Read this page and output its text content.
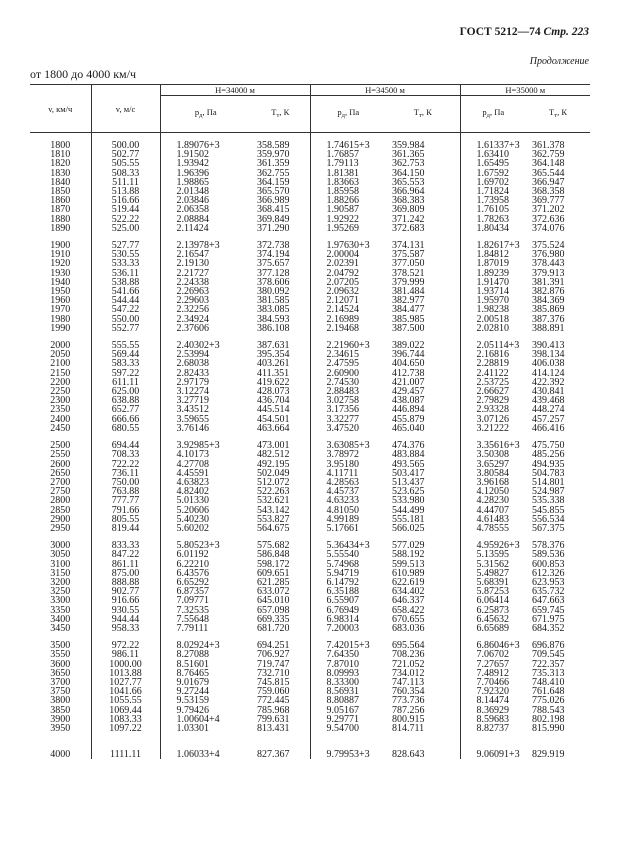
ГОСТ 5212—74 Стр. 223
Продолжение
от 1800 до 4000 км/ч
v, км/ч	v, м/с	H=34000 м		H=34500 м		H=35000 м	
		$p_д$, Па	$T_т$, К	$p_д$, Па	$T_т$, К	$p_д$, Па	$T_т$, К
1800	500.00	1.89076+3	358.589	1.74615+3	359.984	1.61337+3	361.378
1810	502.77	1.91502	359.970	1.76857	361.365	1.63410	362.759
1820	505.55	1.93942	361.359	1.79113	362.753	1.65495	364.148
1830	508.33	1.96396	362.755	1.81381	364.150	1.67592	365.544
1840	511.11	1.98865	364.159	1.83663	365.553	1.69702	366.947
1850	513.88	2.01348	365.570	1.85958	366.964	1.71824	368.358
1860	516.66	2.03846	366.989	1.88266	368.383	1.73958	369.777
1870	519.44	2.06358	368.415	1.90587	369.809	1.76105	371.202
1880	522.22	2.08884	369.849	1.92922	371.242	1.78263	372.636
1890	525.00	2.11424	371.290	1.95269	372.683	1.80434	374.076
1900	527.77	2.13978+3	372.738	1.97630+3	374.131	1.82617+3	375.524
1910	530.55	2.16547	374.194	2.00004	375.587	1.84812	376.980
1920	533.33	2.19130	375.657	2.02391	377.050	1.87019	378.443
1930	536.11	2.21727	377.128	2.04792	378.521	1.89239	379.913
1940	538.88	2.24338	378.606	2.07205	379.999	1.91470	381.391
1950	541.66	2.26963	380.092	2.09632	381.484	1.93714	382.876
1960	544.44	2.29603	381.585	2.12071	382.977	1.95970	384.369
1970	547.22	2.32256	383.085	2.14524	384.477	1.98238	385.869
1980	550.00	2.34924	384.593	2.16989	385.985	2.00518	387.376
1990	552.77	2.37606	386.108	2.19468	387.500	2.02810	388.891
2000	555.55	2.40302+3	387.631	2.21960+3	389.022	2.05114+3	390.413
2050	569.44	2.53994	395.354	2.34615	396.744	2.16816	398.134
2100	583.33	2.68038	403.261	2.47595	404.650	2.28819	406.038
2150	597.22	2.82433	411.351	2.60900	412.738	2.41122	414.124
2200	611.11	2.97179	419.622	2.74530	421.007	2.53725	422.392
2250	625.00	3.12274	428.073	2.88483	429.457	2.66627	430.841
2300	638.88	3.27719	436.704	3.02758	438.087	2.79829	439.468
2350	652.77	3.43512	445.514	3.17356	446.894	2.93328	448.274
2400	666.66	3.59655	454.501	3.32277	455.879	3.07126	457.257
2450	680.55	3.76146	463.664	3.47520	465.040	3.21222	466.416
2500	694.44	3.92985+3	473.001	3.63085+3	474.376	3.35616+3	475.750
2550	708.33	4.10173	482.512	3.78972	483.884	3.50308	485.256
2600	722.22	4.27708	492.195	3.95180	493.565	3.65297	494.935
2650	736.11	4.45591	502.049	4.11711	503.417	3.80584	504.783
2700	750.00	4.63823	512.072	4.28563	513.437	3.96168	514.801
2750	763.88	4.82402	522.263	4.45737	523.625	4.12050	524.987
2800	777.77	5.01330	532.621	4.63233	533.980	4.28230	535.338
2850	791.66	5.20606	543.142	4.81050	544.499	4.44707	545.855
2900	805.55	5.40230	553.827	4.99189	555.181	4.61483	556.534
2950	819.44	5.60202	564.675	5.17661	566.025	4.78555	567.375
3000	833.33	5.80523+3	575.682	5.36434+3	577.029	4.95926+3	578.376
3050	847.22	6.01192	586.848	5.55540	588.192	5.13595	589.536
3100	861.11	6.22210	598.172	5.74968	599.513	5.31562	600.853
3150	875.00	6.43576	609.651	5.94719	610.989	5.49827	612.326
3200	888.88	6.65292	621.285	6.14792	622.619	5.68391	623.953
3250	902.77	6.87357	633.072	6.35188	634.402	5.87253	635.732
3300	916.66	7.09771	645.010	6.55907	646.337	6.06414	647.663
3350	930.55	7.32535	657.098	6.76949	658.422	6.25873	659.745
3400	944.44	7.55648	669.335	6.98314	670.655	6.45632	671.975
3450	958.33	7.79111	681.720	7.20003	683.036	6.65689	684.352
3500	972.22	8.02924+3	694.251	7.42015+3	695.564	6.86046+3	696.876
3550	986.11	8.27088	706.927	7.64350	708.236	7.06702	709.545
3600	1000.00	8.51601	719.747	7.87010	721.052	7.27657	722.357
3650	1013.88	8.76465	732.710	8.09993	734.012	7.48912	735.313
3700	1027.77	9.01679	745.815	8.33300	747.113	7.70466	748.410
3750	1041.66	9.27244	759.060	8.56931	760.354	7.92320	761.648
3800	1055.55	9.53159	772.445	8.80887	773.736	8.14474	775.026
3850	1069.44	9.79426	785.968	9.05167	787.256	8.36929	788.543
3900	1083.33	1.00604+4	799.631	9.29771	800.915	8.59683	802.198
3950	1097.22	1.03301	813.431	9.54700	814.711	8.82737	815.990
4000	1111.11	1.06033+4	827.367	9.79953+3	828.643	9.06091+3	829.919
